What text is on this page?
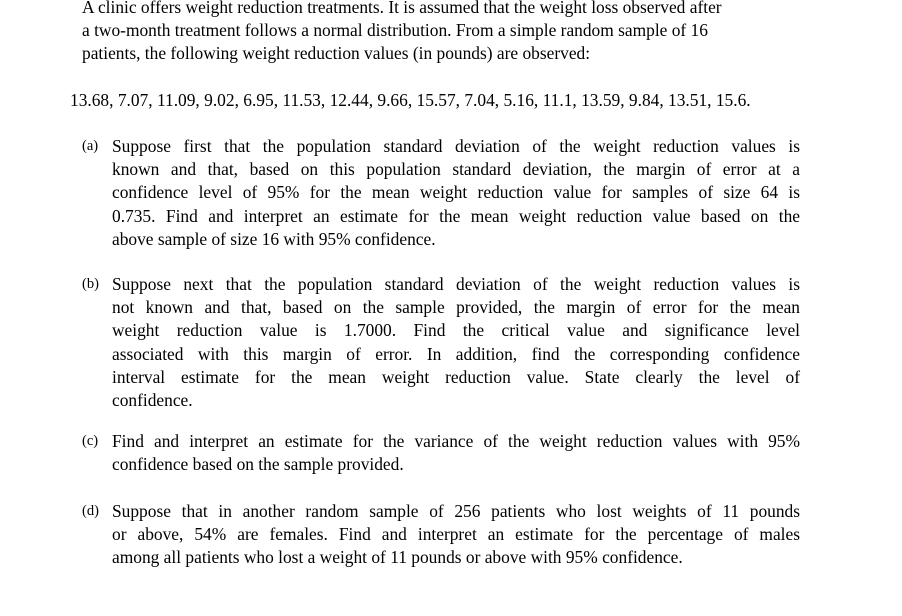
A clinic offers weight reduction treatments. It is assumed that the weight loss observed after
a two-month treatment follows a normal distribution. From a simple random sample of 16
patients, the following weight reduction values (in pounds) are observed:
13.68, 7.07, 11.09, 9.02, 6.95, 11.53, 12.44, 9.66, 15.57, 7.04, 5.16, 11.1, 13.59, 9.84, 13.51, 15.6.
(a) Suppose first that the population standard deviation of the weight reduction values is
known and that, based on this population standard deviation, the margin of error at a
confidence level of 95% for the mean weight reduction value for samples of size 64 is
0.735. Find and interpret an estimate for the mean weight reduction value based on the
above sample of size 16 with 95% confidence.
(b) Suppose next that the population standard deviation of the weight reduction values is
not known and that, based on the sample provided, the margin of error for the mean
weight reduction value is 1.7000. Find the critical value and significance level
associated with this margin of error. In addition, find the corresponding confidence
interval estimate for the mean weight reduction value. State clearly the level of
confidence.
(c) Find and interpret an estimate for the variance of the weight reduction values with 95%
confidence based on the sample provided.
(d) Suppose that in another random sample of 256 patients who lost weights of 11 pounds
or above, 54% are females. Find and interpret an estimate for the percentage of males
among all patients who lost a weight of 11 pounds or above with 95% confidence.
